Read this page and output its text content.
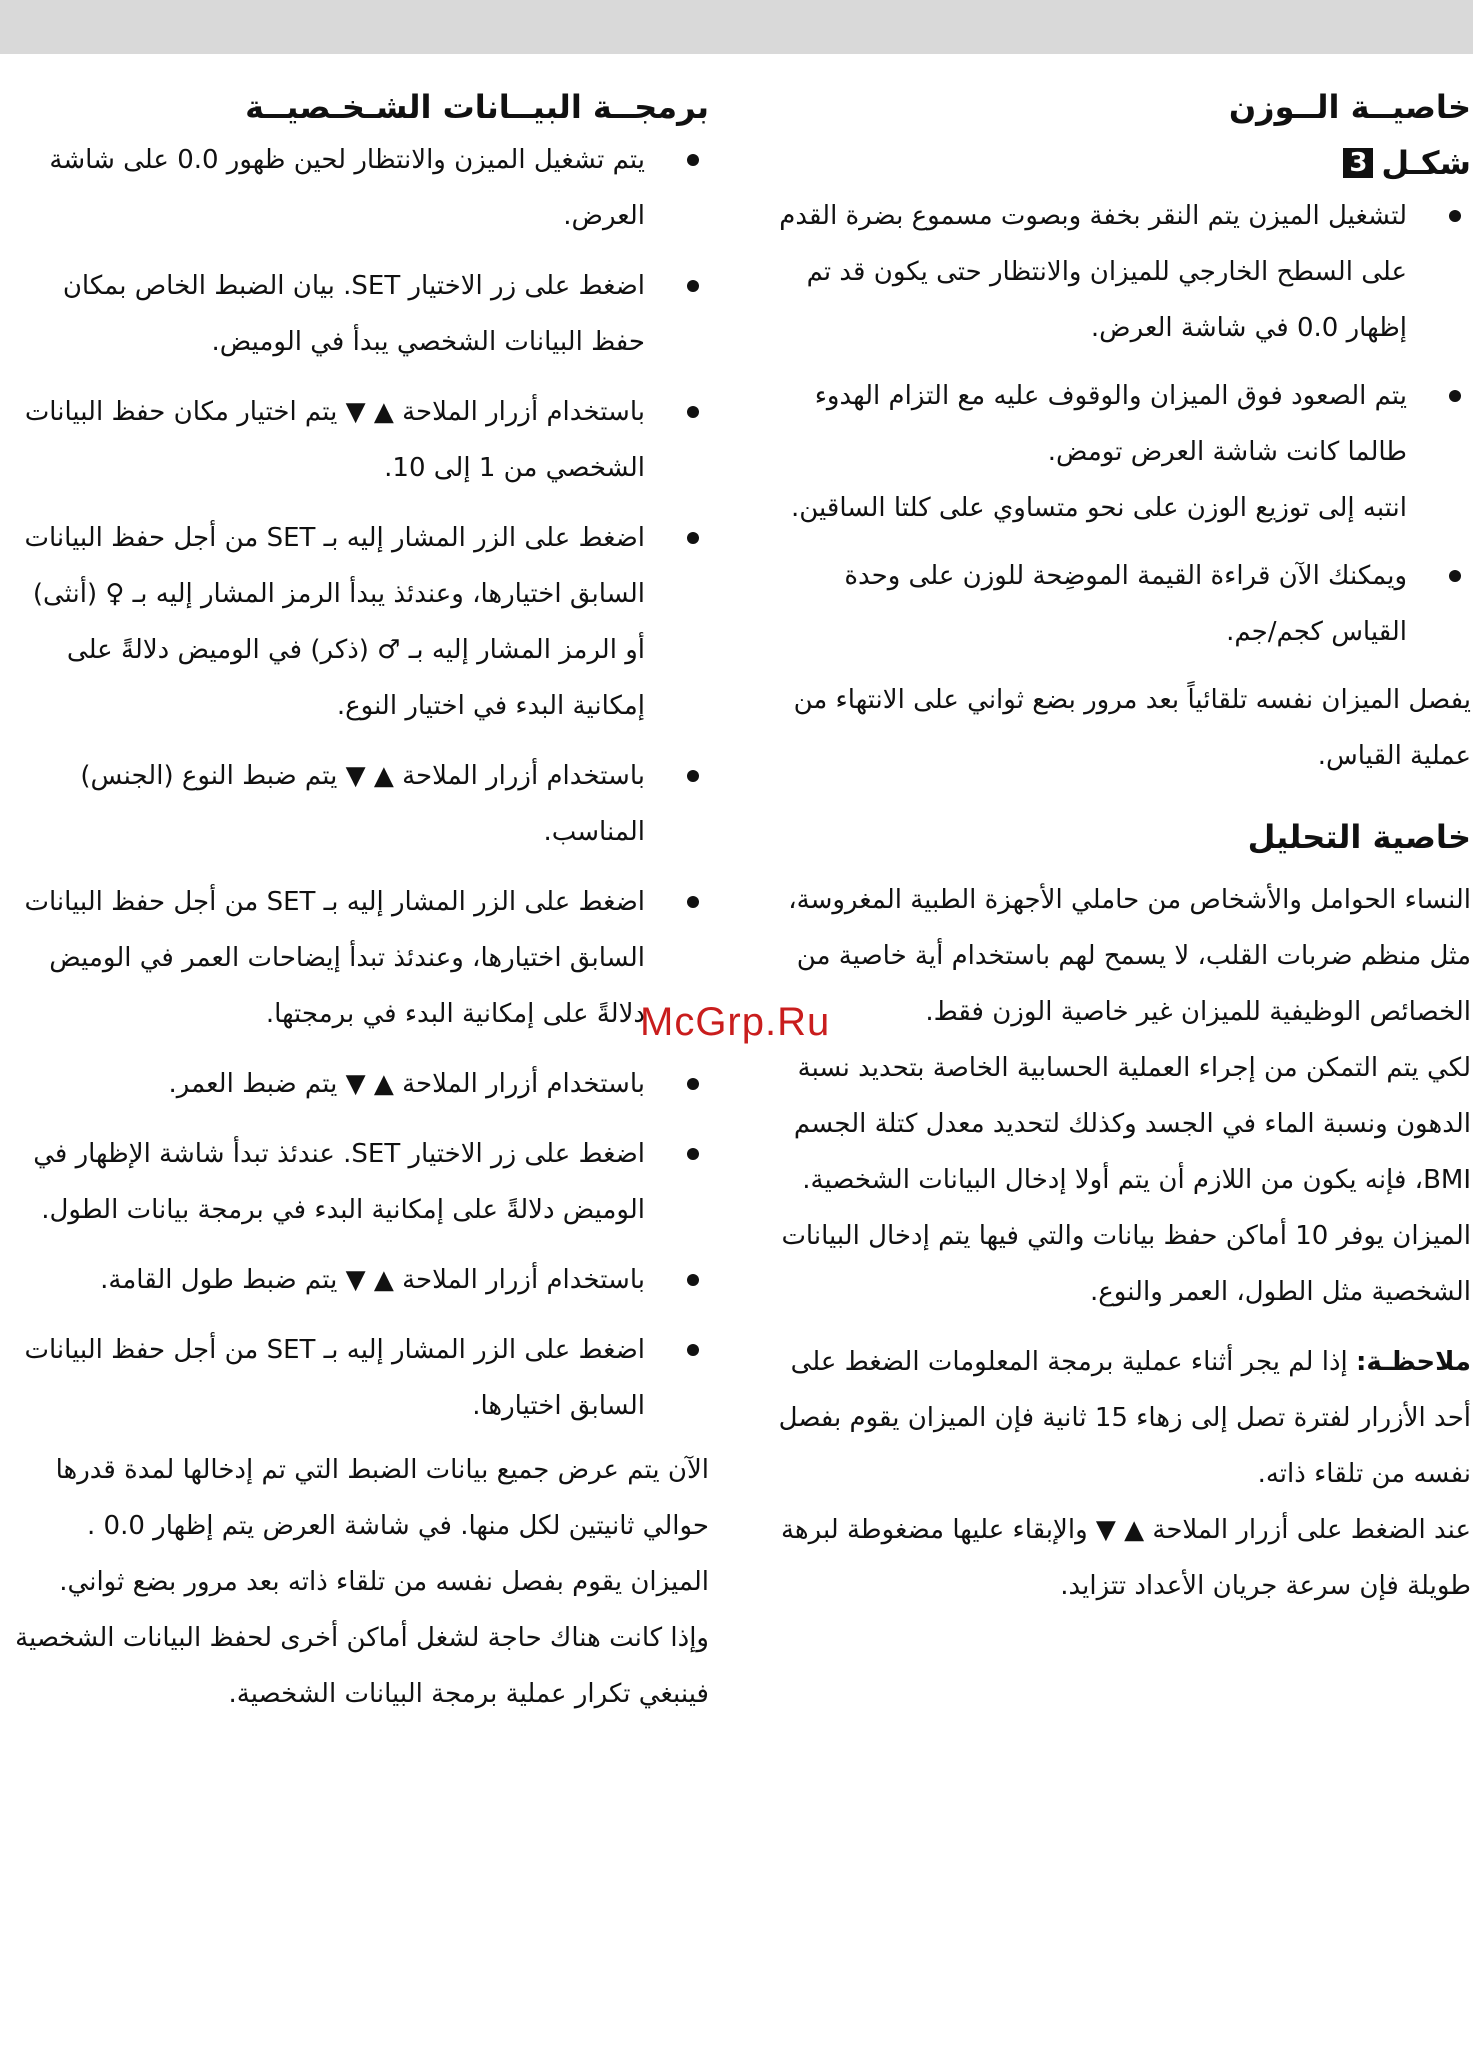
خاصيــة الــوزن
شكـل
3
لتشغيل الميزن يتم النقر بخفة وبصوت مسموع بضرة القدم على السطح الخارجي للميزان والانتظار حتى يكون قد تم إظهار 0.0 في شاشة العرض.
يتم الصعود فوق الميزان والوقوف عليه مع التزام الهدوء طالما كانت شاشة العرض تومض.
انتبه إلى توزيع الوزن على نحو متساوي على كلتا الساقين.
ويمكنك الآن قراءة القيمة الموضِحة للوزن على وحدة القياس كجم/جم.

يفصل الميزان نفسه تلقائياً بعد مرور بضع ثواني على الانتهاء من عملية القياس.

خاصية التحليل

النساء الحوامل والأشخاص من حاملي الأجهزة الطبية المغروسة، مثل منظم ضربات القلب، لا يسمح لهم باستخدام أية خاصية من الخصائص الوظيفية للميزان غير خاصية الوزن فقط.

لكي يتم التمكن من إجراء العملية الحسابية الخاصة بتحديد نسبة الدهون ونسبة الماء في الجسد وكذلك لتحديد معدل كتلة الجسم BMI، فإنه يكون من اللازم أن يتم أولا إدخال البيانات الشخصية.

الميزان يوفر 10 أماكن حفظ بيانات والتي فيها يتم إدخال البيانات الشخصية مثل الطول، العمر والنوع.

ملاحظـة: إذا لم يجر أثناء عملية برمجة المعلومات الضغط على أحد الأزرار لفترة تصل إلى زهاء 15 ثانية فإن الميزان يقوم بفصل نفسه من تلقاء ذاته.

عند الضغط على أزرار الملاحة ▲ ▼ والإبقاء عليها مضغوطة لبرهة طويلة فإن سرعة جريان الأعداد تتزايد.

برمجــة البيــانات الشـخـصيــة
يتم تشغيل الميزن والانتظار لحين ظهور 0.0 على شاشة العرض.
اضغط على زر الاختيار SET. بيان الضبط الخاص بمكان حفظ البيانات الشخصي يبدأ في الوميض.
باستخدام أزرار الملاحة ▲ ▼ يتم اختيار مكان حفظ البيانات الشخصي من 1 إلى 10.
اضغط على الزر المشار إليه بـ SET من أجل حفظ البيانات السابق اختيارها، وعندئذ يبدأ الرمز المشار إليه بـ ♀ (أنثى) أو الرمز المشار إليه بـ ♂ (ذكر) في الوميض دلالةً على إمكانية البدء في اختيار النوع.
باستخدام أزرار الملاحة ▲ ▼ يتم ضبط النوع (الجنس) المناسب.
اضغط على الزر المشار إليه بـ SET من أجل حفظ البيانات السابق اختيارها، وعندئذ تبدأ إيضاحات العمر في الوميض دلالةً على إمكانية البدء في برمجتها.
باستخدام أزرار الملاحة ▲ ▼ يتم ضبط العمر.
اضغط على زر الاختيار SET. عندئذ تبدأ شاشة الإظهار في الوميض دلالةً على إمكانية البدء في برمجة بيانات الطول.
باستخدام أزرار الملاحة ▲ ▼ يتم ضبط طول القامة.
اضغط على الزر المشار إليه بـ SET من أجل حفظ البيانات السابق اختيارها.

الآن يتم عرض جميع بيانات الضبط التي تم إدخالها لمدة قدرها حوالي ثانيتين لكل منها. في شاشة العرض يتم إظهار 0.0 .

الميزان يقوم بفصل نفسه من تلقاء ذاته بعد مرور بضع ثواني.

وإذا كانت هناك حاجة لشغل أماكن أخرى لحفظ البيانات الشخصية فينبغي تكرار عملية برمجة البيانات الشخصية.

McGrp.Ru
